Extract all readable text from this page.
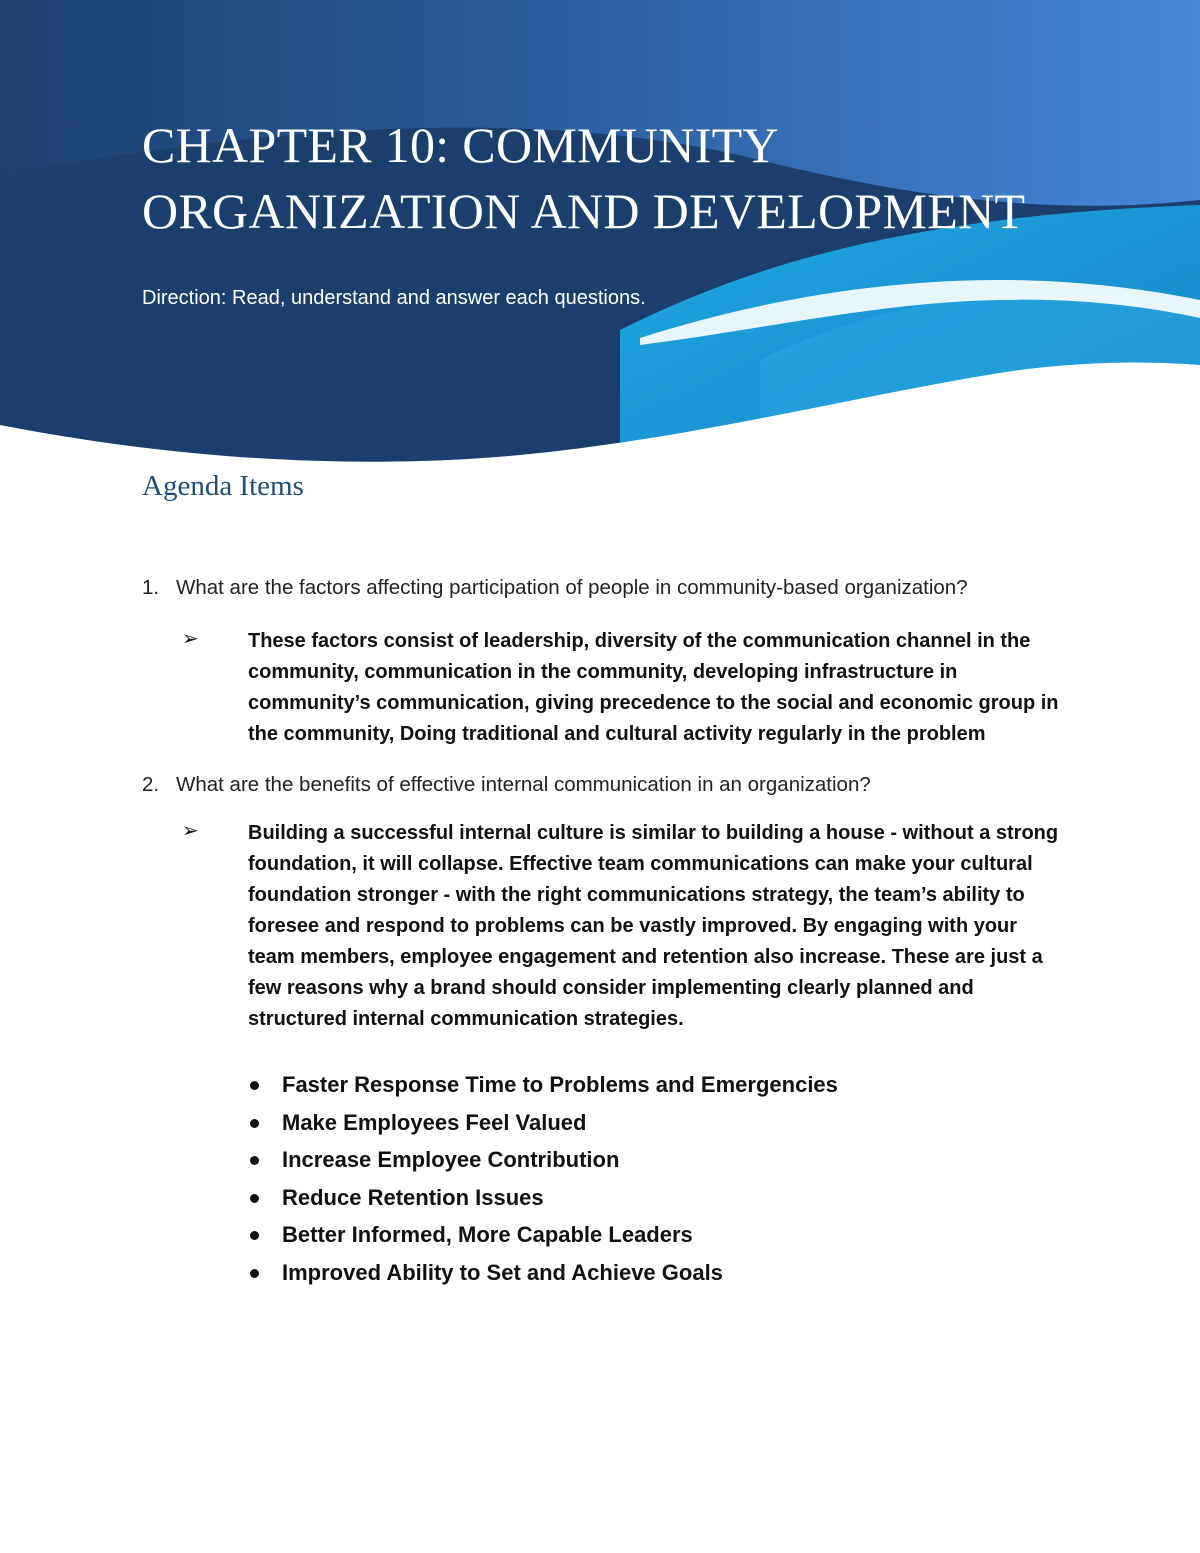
CHAPTER 10: COMMUNITY
ORGANIZATION AND DEVELOPMENT

Direction: Read, understand and answer each questions.

Agenda Items

1. What are the factors affecting participation of people in community-based organization?

➢ These factors consist of leadership, diversity of the communication channel in the

community, communication in the community, developing infrastructure in

community’s communication, giving precedence to the social and economic group in

the community, Doing traditional and cultural activity regularly in the problem

2. What are the benefits of effective internal communication in an organization?

➢ Building a successful internal culture is similar to building a house - without a strong

foundation, it will collapse. Effective team communications can make your cultural

foundation stronger - with the right communications strategy, the team’s ability to

foresee and respond to problems can be vastly improved. By engaging with your

team members, employee engagement and retention also increase. These are just a

few reasons why a brand should consider implementing clearly planned and

structured internal communication strategies.

Faster Response Time to Problems and Emergencies
Make Employees Feel Valued
Increase Employee Contribution
Reduce Retention Issues
Better Informed, More Capable Leaders
Improved Ability to Set and Achieve Goals
